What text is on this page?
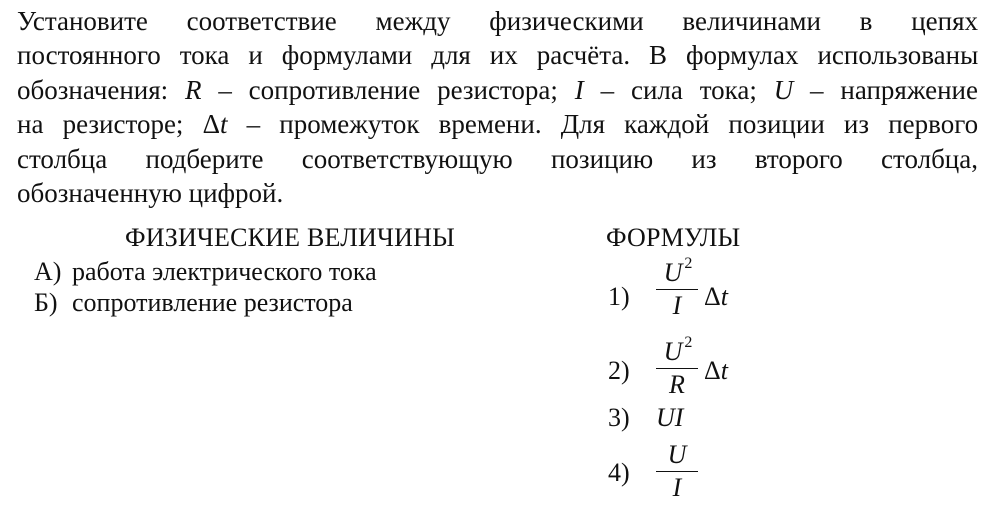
Установите соответствие между физическими величинами в цепях
постоянного тока и формулами для их расчёта. В формулах использованы
обозначения: R – сопротивление резистора; I – сила тока; U – напряжение
на резисторе; Δt – промежуток времени. Для каждой позиции из первого
столбца подберите соответствующую позицию из второго столбца,
обозначенную цифрой.
ФИЗИЧЕСКИЕ ВЕЛИЧИНЫ
А) работа электрического тока
Б) сопротивление резистора
ФОРМУЛЫ
1)
U $^2$
I Δt
2)
U $^2$
R Δt
3) UI
4)
U
I
